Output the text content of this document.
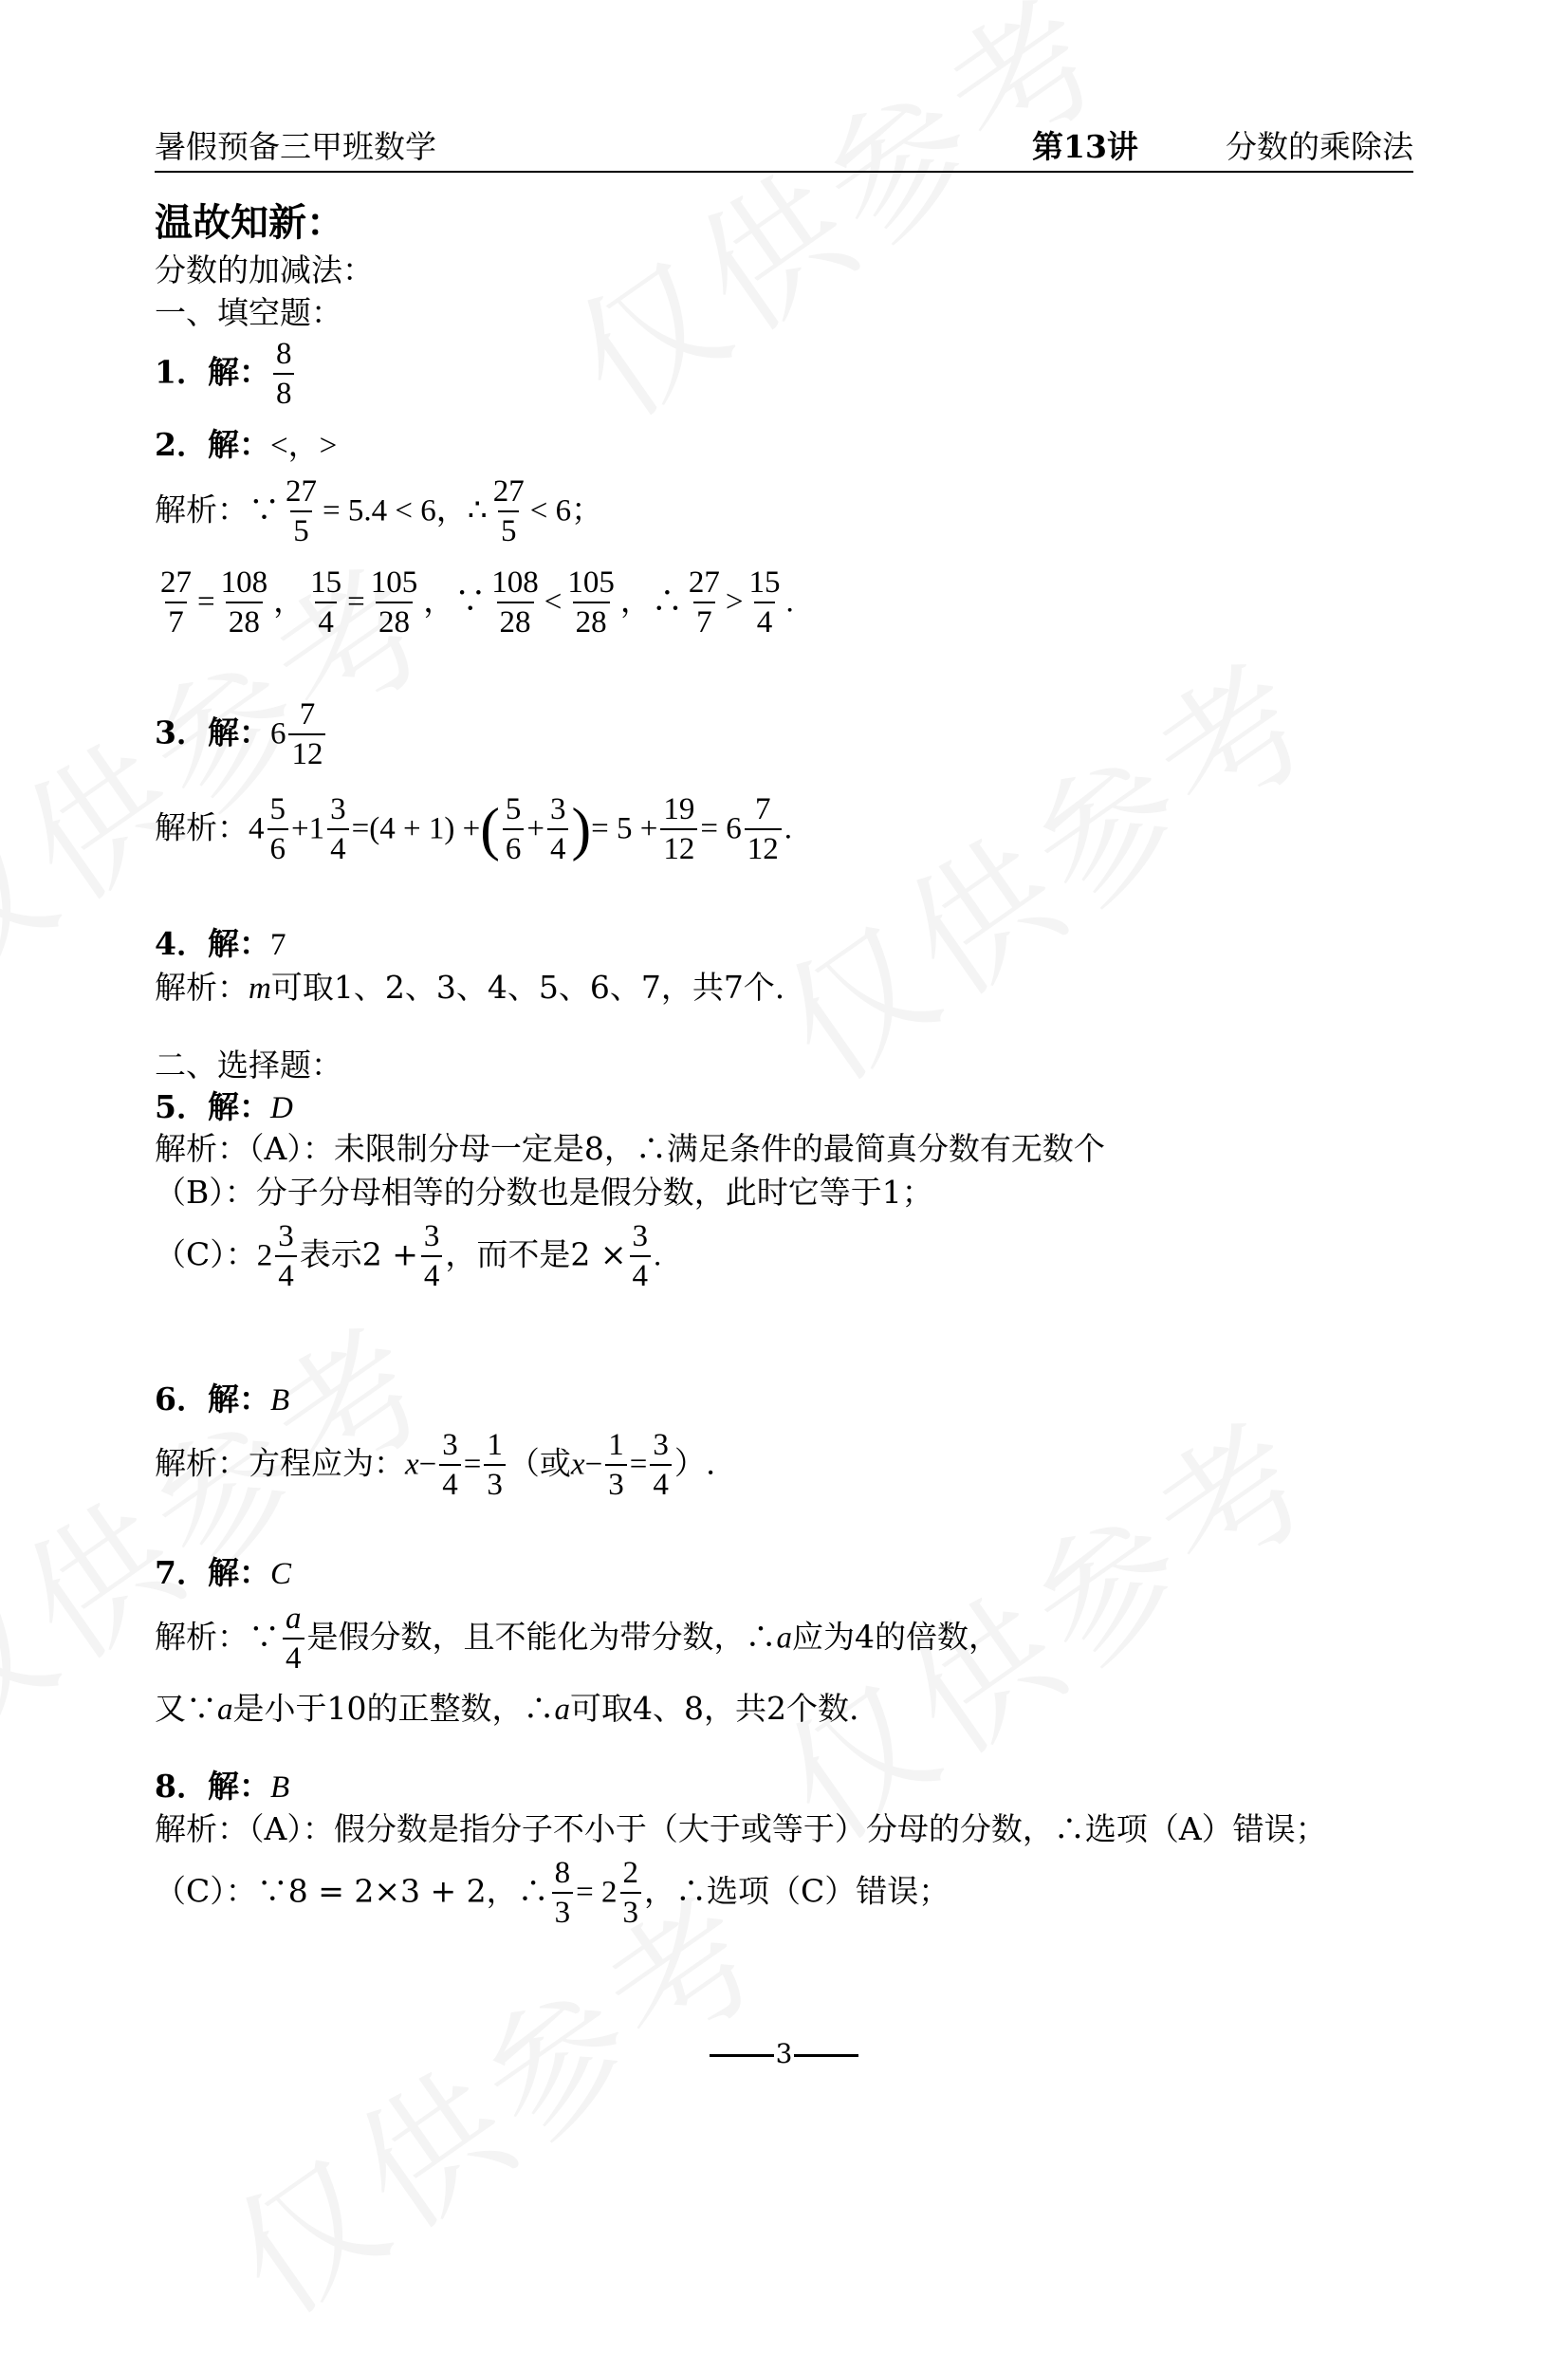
暑假预备三甲班数学	第13讲	分数的乘除法
温故知新：
分数的加减法：
一、填空题：
1．解： $\frac{8}{8}$
2．解：<，>
解析：∵ $\frac{27}{5} = 5.4 < 6$，∴ $\frac{27}{5} < 6$；
$\frac{27}{7} = \frac{108}{28}$ ， $\frac{15}{4} = \frac{105}{28}$ ，∵ $\frac{108}{28} < \frac{105}{28}$ ，∴ $\frac{27}{7} > \frac{15}{4}$ .
3．解：$6 \frac{7}{12}$
解析：$4 \frac{5}{6} +1 \frac{3}{4} =(4 + 1)$ +( $\frac{5}{6} + \frac{3}{4}$ )= $5 + \frac{19}{12} = 6 \frac{7}{12}$ .
4．解：7
解析：m可取1、2、3、4、5、6、7，共7个.
二、选择题：
5．解：D
解析：（A）：未限制分母一定是8，∴满足条件的最简真分数有无数个
（B）：分子分母相等的分数也是假分数，此时它等于1；
（C）：$2 \frac{3}{4}$ 表示$2 + \frac{3}{4}$ ，而不是$2 \times \frac{3}{4}$ .
6．解：B
解析：方程应为：$x- \frac{3}{4} = \frac{1}{3}$ （或$x- \frac{1}{3} = \frac{3}{4}$ ）.
7．解：C
解析：∵ $\frac{a}{4}$ 是假分数，且不能化为带分数，∴a应为4的倍数，
又∵a是小于10的正整数，∴a可取4、8，共2个数.
8．解：B
解析：（A）：假分数是指分子不小于（大于或等于）分母的分数，∴选项（A）错误；
（C）：∵8 = 2×3 + 2，∴ $\frac{8}{3} = 2 \frac{2}{3}$ ，∴选项（C）错误；
3
